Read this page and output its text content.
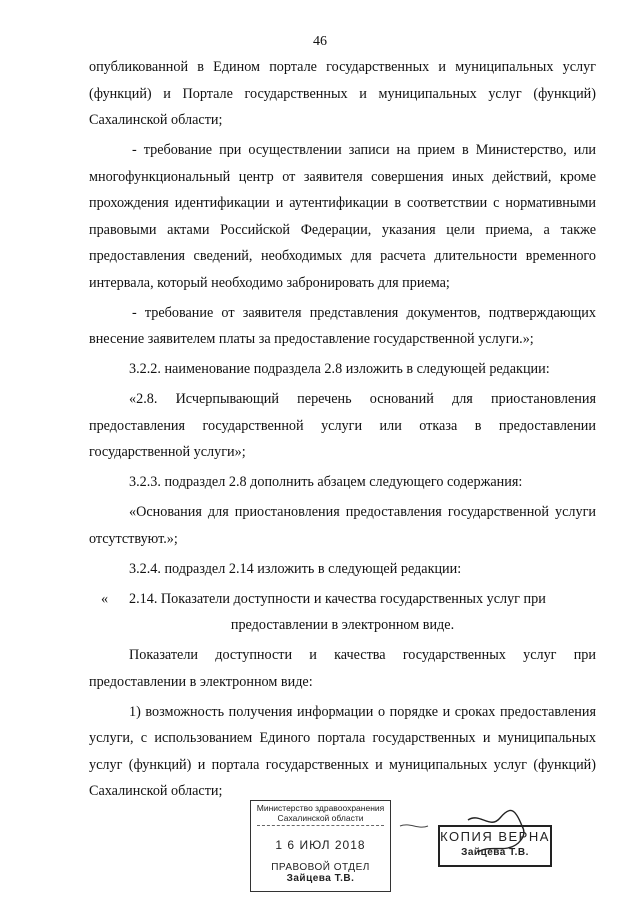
46

опубликованной в Едином портале государственных и муниципальных услуг (функций) и Портале государственных и муниципальных услуг (функций) Сахалинской области;

- требование при осуществлении записи на прием в Министерство, или многофункциональный центр от заявителя совершения иных действий, кроме прохождения идентификации и аутентификации в соответствии с нормативными правовыми актами Российской Федерации, указания цели приема, а также предоставления сведений, необходимых для расчета длительности временного интервала, который необходимо забронировать для приема;

- требование от заявителя представления документов, подтверждающих внесение заявителем платы за предоставление государственной услуги.»;

3.2.2. наименование подраздела 2.8 изложить в следующей редакции:

«2.8. Исчерпывающий перечень оснований для приостановления предоставления государственной услуги или отказа в предоставлении государственной услуги»;

3.2.3. подраздел 2.8 дополнить абзацем следующего содержания:

«Основания для приостановления предоставления государственной услуги отсутствуют.»;

3.2.4. подраздел 2.14 изложить в следующей редакции:

«	2.14. Показатели доступности и качества государственных услуг при

предоставлении в электронном виде.

Показатели доступности и качества государственных услуг при предоставлении в электронном виде:

1) возможность получения информации о порядке и сроках предоставления услуги, с использованием Единого портала государственных и муниципальных услуг (функций) и портала государственных и муниципальных услуг (функций) Сахалинской области;

Министерство здравоохранения Сахалинской области
1 6 ИЮЛ 2018
ПРАВОВОЙ ОТДЕЛ
Зайцева Т.В.
КОПИЯ ВЕРНА
Зайцева Т.В.
